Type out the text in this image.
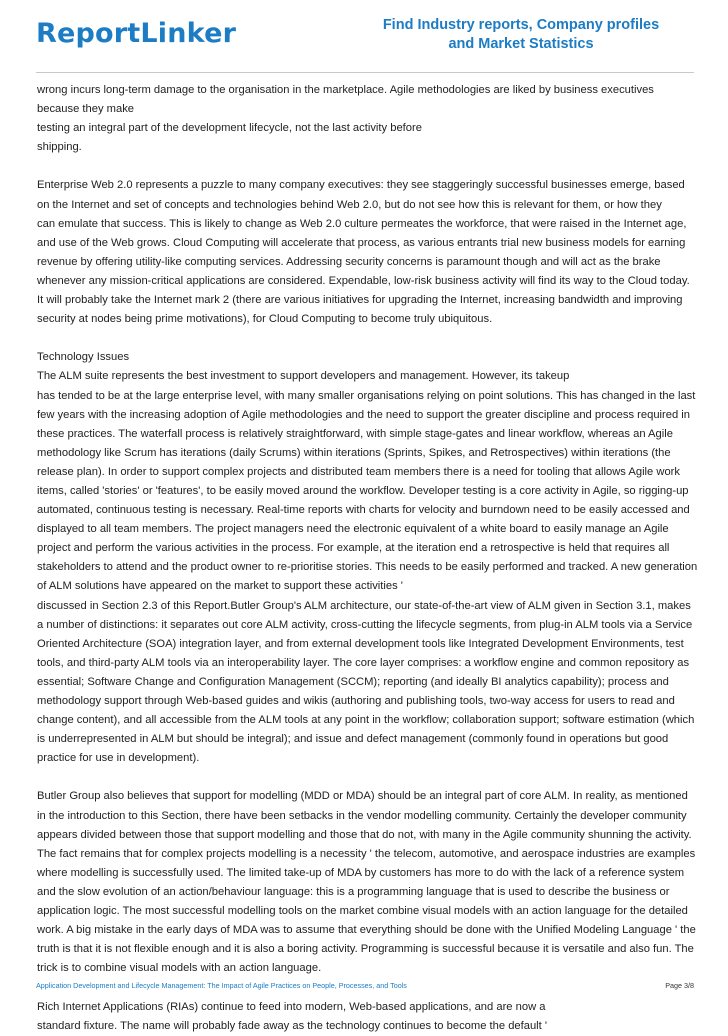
ReportLinker	Find Industry reports, Company profiles
and Market Statistics
wrong incurs long-term damage to the organisation in the marketplace. Agile methodologies are liked by business executives
because they make
testing an integral part of the development lifecycle, not the last activity before
shipping.
Enterprise Web 2.0 represents a puzzle to many company executives: they see staggeringly successful businesses emerge, based
on the Internet and set of concepts and technologies behind Web 2.0, but do not see how this is relevant for them, or how they
can emulate that success. This is likely to change as Web 2.0 culture permeates the workforce, that were raised in the Internet age,
and use of the Web grows. Cloud Computing will accelerate that process, as various entrants trial new business models for earning
revenue by offering utility-like computing services. Addressing security concerns is paramount though and will act as the brake
whenever any mission-critical applications are considered. Expendable, low-risk business activity will find its way to the Cloud today.
It will probably take the Internet mark 2 (there are various initiatives for upgrading the Internet, increasing bandwidth and improving
security at nodes being prime motivations), for Cloud Computing to become truly ubiquitous.
Technology Issues
The ALM suite represents the best investment to support developers and management. However, its takeup
has tended to be at the large enterprise level, with many smaller organisations relying on point solutions. This has changed in the last
few years with the increasing adoption of Agile methodologies and the need to support the greater discipline and process required in
these practices. The waterfall process is relatively straightforward, with simple stage-gates and linear workflow, whereas an Agile
methodology like Scrum has iterations (daily Scrums) within iterations (Sprints, Spikes, and Retrospectives) within iterations (the
release plan). In order to support complex projects and distributed team members there is a need for tooling that allows Agile work
items, called 'stories' or 'features', to be easily moved around the workflow. Developer testing is a core activity in Agile, so rigging-up
automated, continuous testing is necessary. Real-time reports with charts for velocity and burndown need to be easily accessed and
displayed to all team members. The project managers need the electronic equivalent of a white board to easily manage an Agile
project and perform the various activities in the process. For example, at the iteration end a retrospective is held that requires all
stakeholders to attend and the product owner to re-prioritise stories. This needs to be easily performed and tracked. A new generation
of ALM solutions have appeared on the market to support these activities '
discussed in Section 2.3 of this Report.Butler Group's ALM architecture, our state-of-the-art view of ALM given in Section 3.1, makes
a number of distinctions: it separates out core ALM activity, cross-cutting the lifecycle segments, from plug-in ALM tools via a Service
Oriented Architecture (SOA) integration layer, and from external development tools like Integrated Development Environments, test
tools, and third-party ALM tools via an interoperability layer. The core layer comprises: a workflow engine and common repository as
essential; Software Change and Configuration Management (SCCM); reporting (and ideally BI analytics capability); process and
methodology support through Web-based guides and wikis (authoring and publishing tools, two-way access for users to read and
change content), and all accessible from the ALM tools at any point in the workflow; collaboration support; software estimation (which
is underrepresented in ALM but should be integral); and issue and defect management (commonly found in operations but good
practice for use in development).
Butler Group also believes that support for modelling (MDD or MDA) should be an integral part of core ALM. In reality, as mentioned
in the introduction to this Section, there have been setbacks in the vendor modelling community. Certainly the developer community
appears divided between those that support modelling and those that do not, with many in the Agile community shunning the activity.
The fact remains that for complex projects modelling is a necessity ' the telecom, automotive, and aerospace industries are examples
where modelling is successfully used. The limited take-up of MDA by customers has more to do with the lack of a reference system
and the slow evolution of an action/behaviour language: this is a programming language that is used to describe the business or
application logic. The most successful modelling tools on the market combine visual models with an action language for the detailed
work. A big mistake in the early days of MDA was to assume that everything should be done with the Unified Modeling Language ' the
truth is that it is not flexible enough and it is also a boring activity. Programming is successful because it is versatile and also fun. The
trick is to combine visual models with an action language.
Rich Internet Applications (RIAs) continue to feed into modern, Web-based applications, and are now a
standard fixture. The name will probably fade away as the technology continues to become the default '
Application Development and Lifecycle Management: The Impact of Agile Practices on People, Processes, and Tools	Page 3/8
